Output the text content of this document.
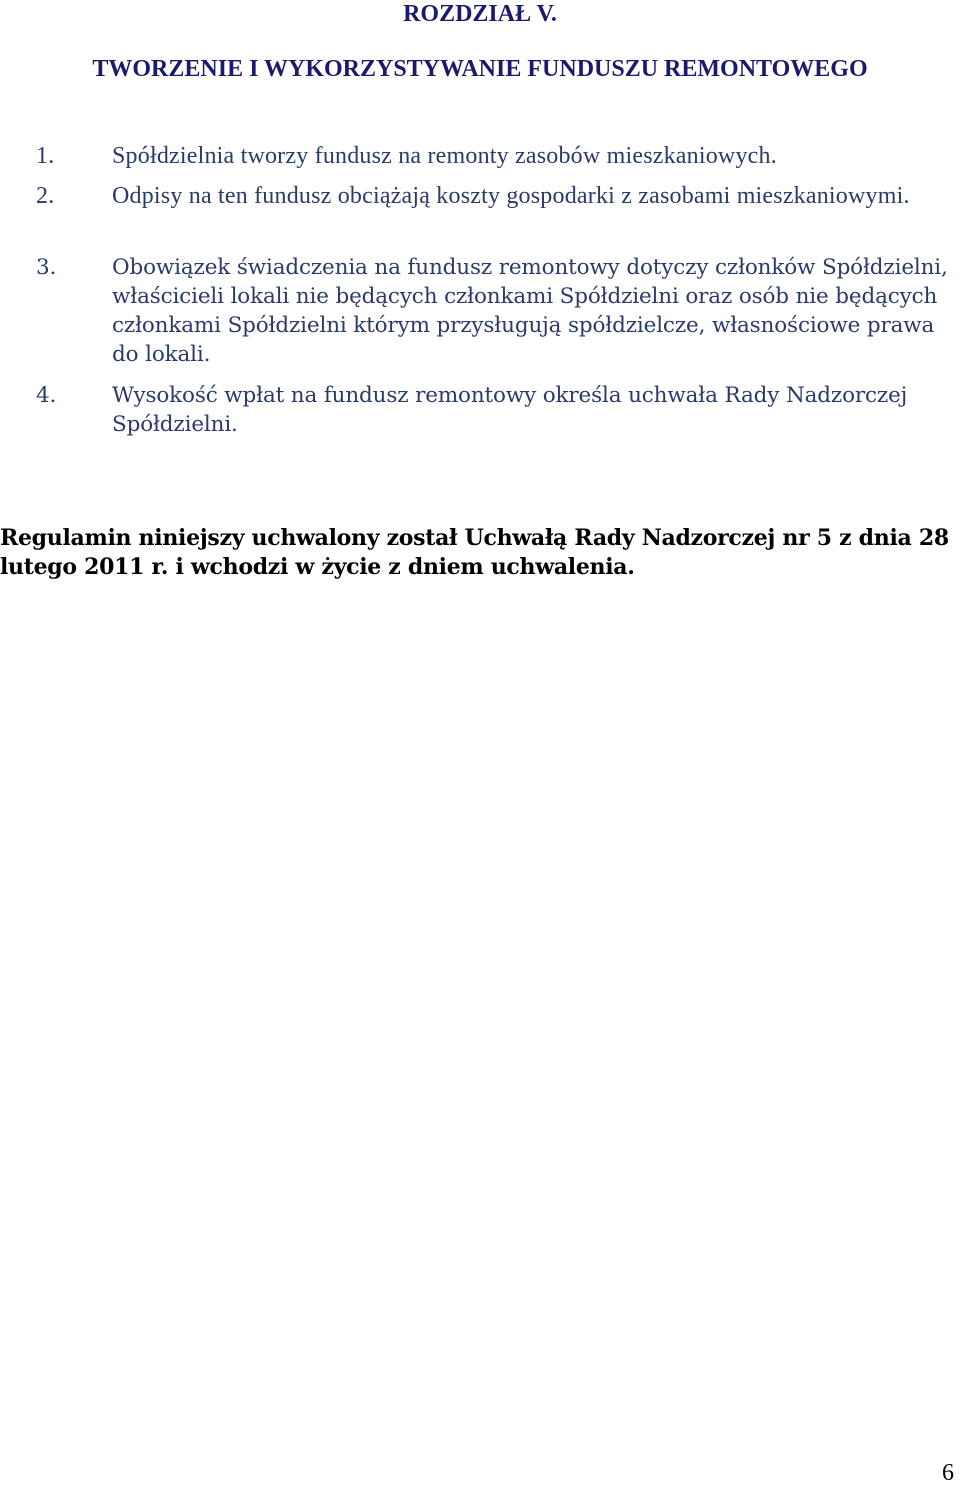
ROZDZIAŁ V.
TWORZENIE I WYKORZYSTYWANIE FUNDUSZU REMONTOWEGO
1. Spółdzielnia tworzy fundusz na remonty zasobów mieszkaniowych.
2. Odpisy na ten fundusz obciążają koszty gospodarki z zasobami mieszkaniowymi.
3.	Obowiązek świadczenia na fundusz remontowy dotyczy członków Spółdzielni, właścicieli lokali nie będących członkami Spółdzielni oraz osób nie będących członkami Spółdzielni którym przysługują spółdzielcze, własnościowe prawa do lokali.
4.	Wysokość wpłat na fundusz remontowy określa uchwała Rady Nadzorczej Spółdzielni.
Regulamin niniejszy uchwalony został Uchwałą Rady Nadzorczej nr 5 z dnia 28 lutego 2011 r. i wchodzi w życie z dniem uchwalenia.
6
